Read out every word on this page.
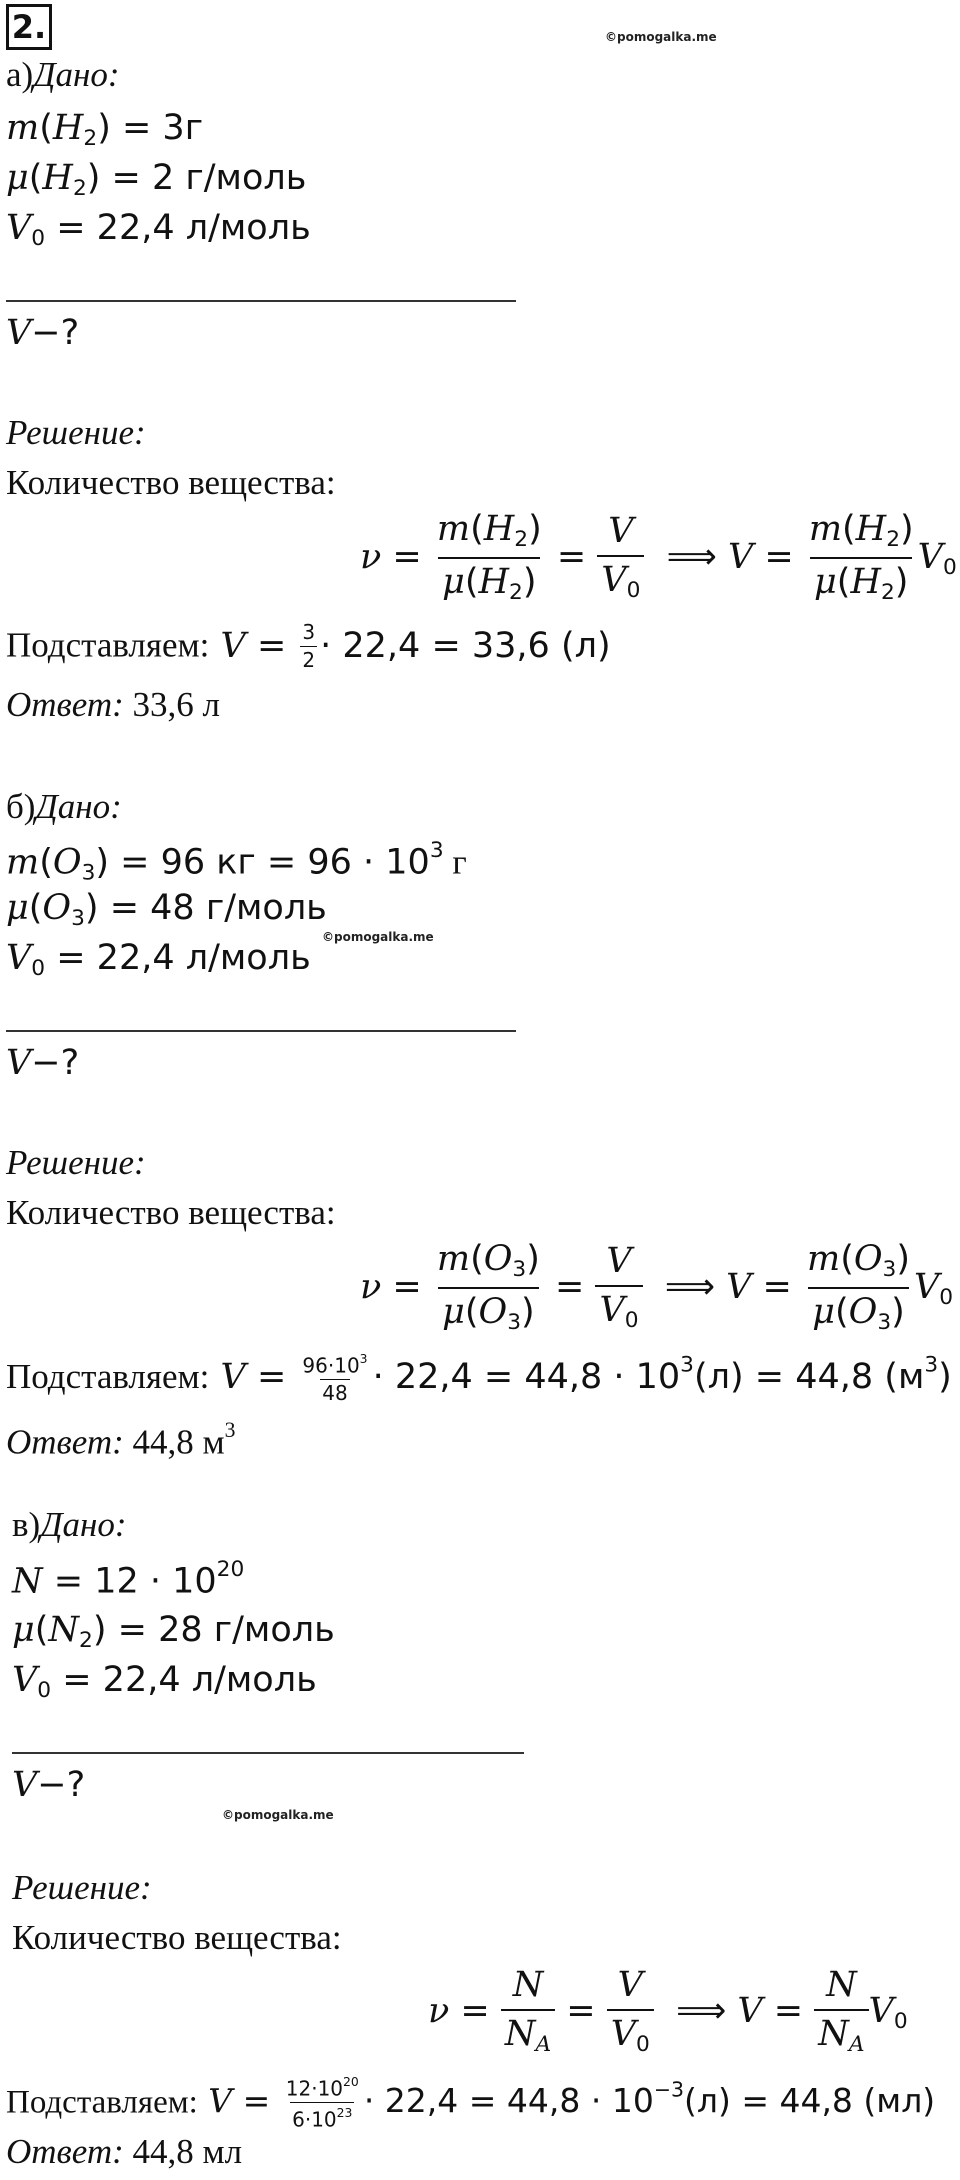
2.	©pomogalka.me
а)Дано:
$m(H_2) = 3г$
$\mu(H_2) = 2$ г/моль
$V_0 = 22,4$ л/моль
V−?
Решение:
Количество вещества:
$\nu = \frac{m(H_2)}{\mu(H_2)} = \frac{V}{V_0}$ ⟹ $V = \frac{m(H_2)}{\mu(H_2)} V_0$
Подставляем: $V = \frac{3}{2} \cdot 22,4 = 33,6$ (л)
Ответ: 33,6 л
б)Дано:
$m(O_3) = 96$ кг = $96 \cdot 10^3$ г
$\mu(O_3) = 48$ г/моль
©pomogalka.me
$V_0 = 22,4$ л/моль
V−?
Решение:
Количество вещества:
$\nu = \frac{m(O_3)}{\mu(O_3)} = \frac{V}{V_0}$ ⟹ $V = \frac{m(O_3)}{\mu(O_3)} V_0$
Подставляем: $V = \frac{96\cdot 10^3}{48} \cdot 22,4 = 44,8 \cdot 10^3(л) = 44,8$ $(м^3)$
Ответ: 44,8 $м^3$
в)Дано:
$N = 12 \cdot 10^{20}$
$\mu(N_2) = 28$ г/моль
$V_0 = 22,4$ л/моль
V−?
©pomogalka.me
Решение:
Количество вещества:
$\nu = \frac{N}{N_A} = \frac{V}{V_0}$ ⟹ $V = \frac{N}{N_A} V_0$
Подставляем: $V = \frac{12\cdot 10^{20}}{6\cdot 10^{23}} \cdot 22,4 = 44,8 \cdot 10^{-3}(л) = 44,8$ (мл)
Ответ: 44,8 мл
